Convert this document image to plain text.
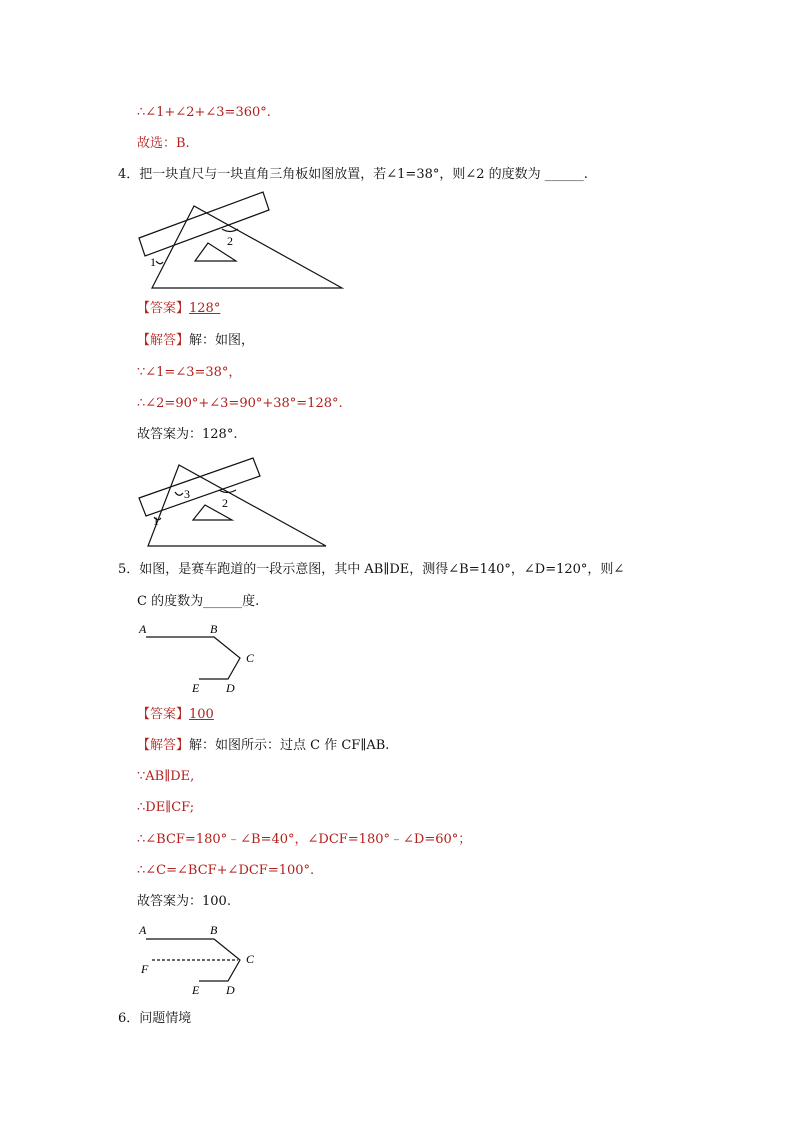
∴∠1+∠2+∠3=360°.
故选：B.
4．把一块直尺与一块直角三角板如图放置，若∠1=38°，则∠2 的度数为 ______.
2
1
【答案】128°
【解答】解：如图，
∵∠1=∠3=38°，
∴∠2=90°+∠3=90°+38°=128°.
故答案为：128°.
2
3
1
5．如图，是赛车跑道的一段示意图，其中 AB∥DE，测得∠B=140°，∠D=120°，则∠
C 的度数为______度.
A	B
C
E D
【答案】100
【解答】解：如图所示：过点 C 作 CF∥AB.
∵AB∥DE,
∴DE∥CF;
∴∠BCF=180°﹣∠B=40°，∠DCF=180°﹣∠D=60°；
∴∠C=∠BCF+∠DCF=100°.
故答案为：100.
A	B
C
F
E D
6．问题情境
